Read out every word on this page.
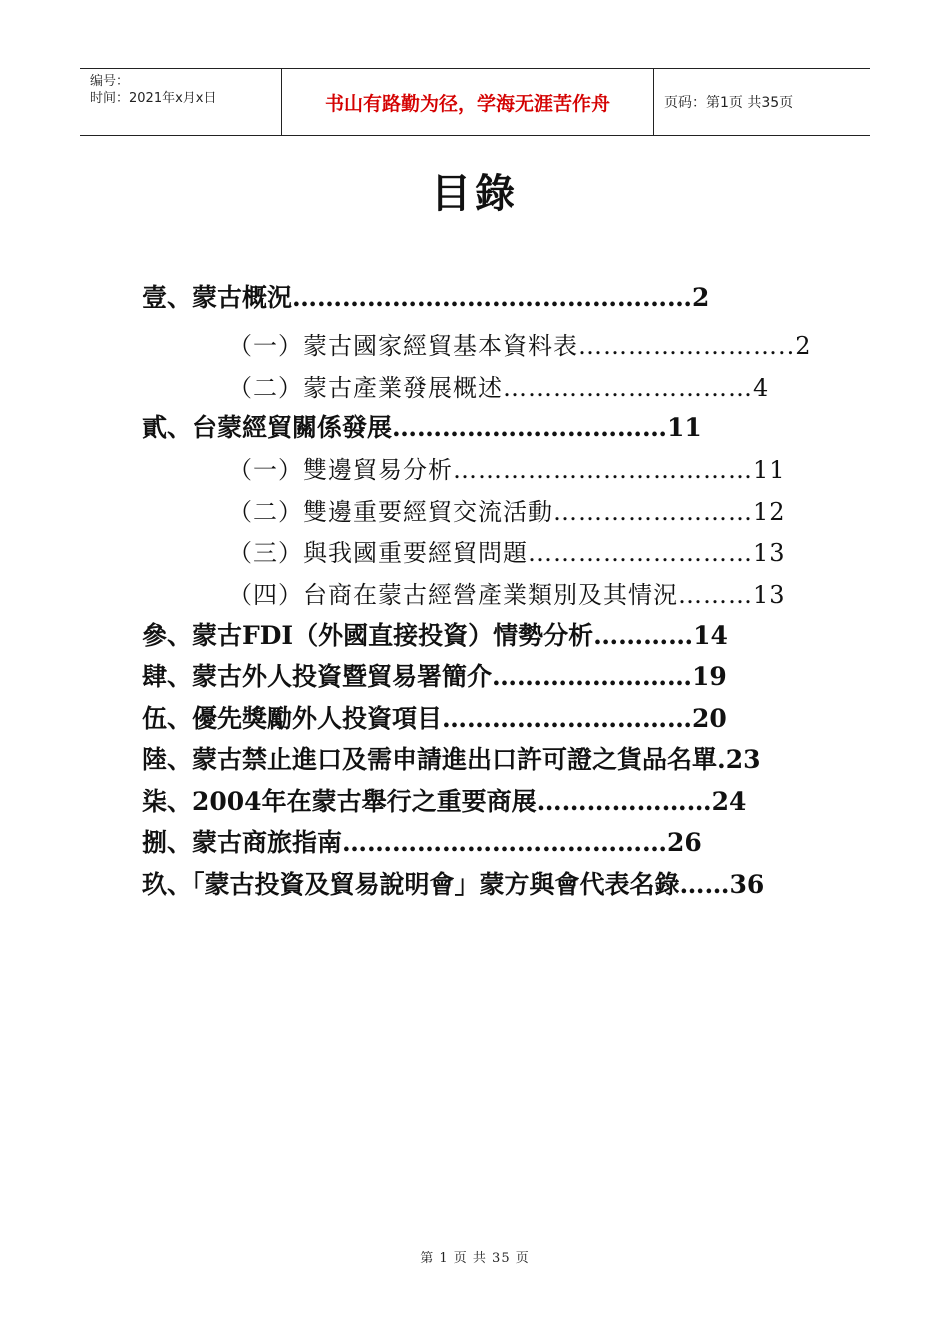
编号：
时间：2021年x月x日	书山有路勤为径，学海无涯苦作舟	页码：第1页 共35页
目錄
壹、蒙古概況…………………………………………2
（一）蒙古國家經貿基本資料表……………………..2
（二）蒙古產業發展概述…………………………4
貳、台蒙經貿關係發展……………………………11
（一）雙邊貿易分析………………………………11
（二）雙邊重要經貿交流活動……………………12
（三）與我國重要經貿問題………………………13
（四）台商在蒙古經營產業類別及其情況………13
參、蒙古FDI（外國直接投資）情勢分析…………14
肆、蒙古外人投資暨貿易署簡介……………………19
伍、優先獎勵外人投資項目…………………………20
陸、蒙古禁止進口及需申請進出口許可證之貨品名單.23
柒、2004年在蒙古舉行之重要商展…………………24
捌、蒙古商旅指南…………………………………26
玖、「蒙古投資及貿易說明會」蒙方與會代表名錄……36
第 1 页 共 35 页
